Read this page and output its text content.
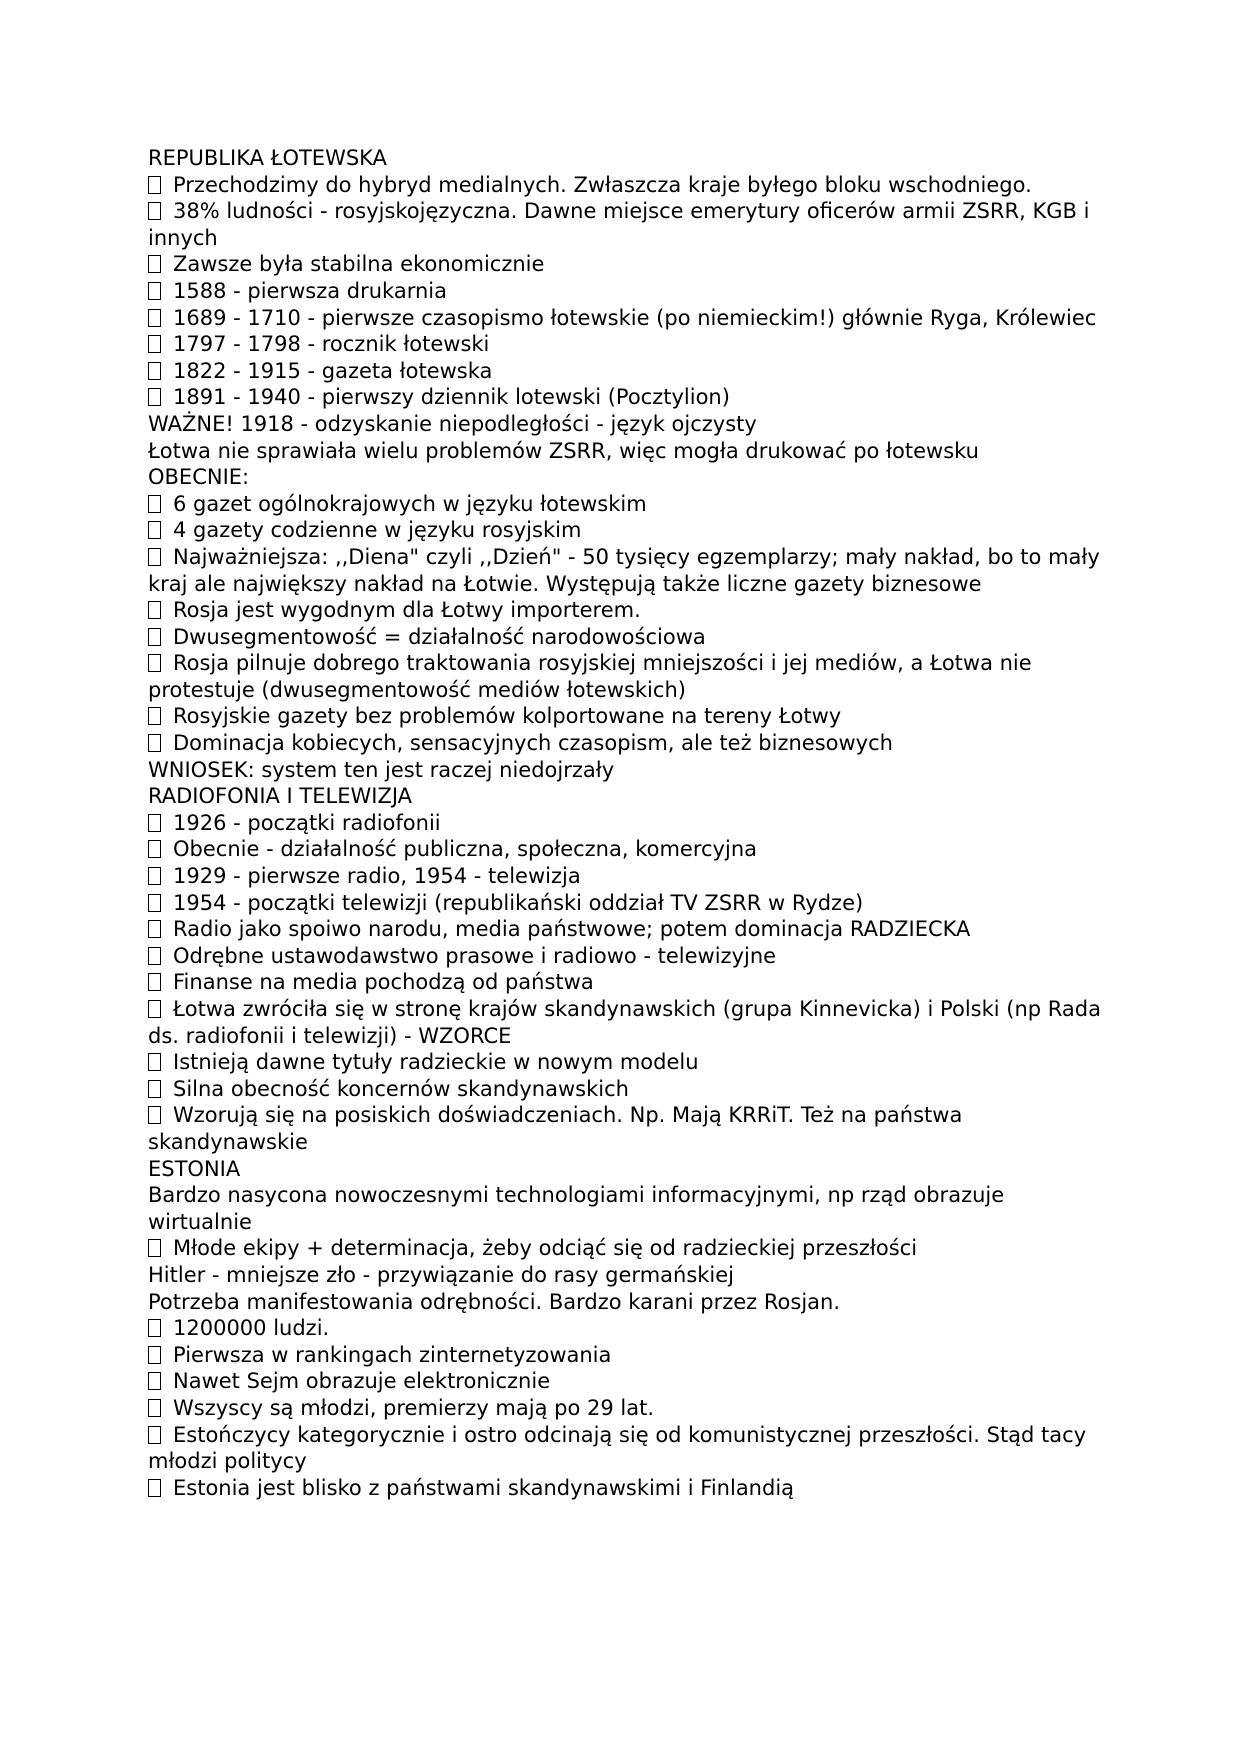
REPUBLIKA ŁOTEWSKA

Przechodzimy do hybryd medialnych. Zwłaszcza kraje byłego bloku wschodniego.

38% ludności - rosyjskojęzyczna. Dawne miejsce emerytury oficerów armii ZSRR, KGB i innych

Zawsze była stabilna ekonomicznie

1588 - pierwsza drukarnia

1689 - 1710 - pierwsze czasopismo łotewskie (po niemieckim!) głównie Ryga, Królewiec

1797 - 1798 - rocznik łotewski

1822 - 1915 - gazeta łotewska

1891 - 1940 - pierwszy dziennik lotewski (Pocztylion)

WAŻNE! 1918 - odzyskanie niepodległości - język ojczysty

Łotwa nie sprawiała wielu problemów ZSRR, więc mogła drukować po łotewsku

OBECNIE:

6 gazet ogólnokrajowych w języku łotewskim

4 gazety codzienne w języku rosyjskim

Najważniejsza: ,,Diena" czyli ,,Dzień" - 50 tysięcy egzemplarzy; mały nakład, bo to mały kraj ale największy nakład na Łotwie. Występują także liczne gazety biznesowe

Rosja jest wygodnym dla Łotwy importerem.

Dwusegmentowość = działalność narodowościowa

Rosja pilnuje dobrego traktowania rosyjskiej mniejszości i jej mediów, a Łotwa nie protestuje (dwusegmentowość mediów łotewskich)

Rosyjskie gazety bez problemów kolportowane na tereny Łotwy

Dominacja kobiecych, sensacyjnych czasopism, ale też biznesowych

WNIOSEK: system ten jest raczej niedojrzały

RADIOFONIA I TELEWIZJA

1926 - początki radiofonii

Obecnie - działalność publiczna, społeczna, komercyjna

1929 - pierwsze radio, 1954 - telewizja

1954 - początki telewizji (republikański oddział TV ZSRR w Rydze)

Radio jako spoiwo narodu, media państwowe; potem dominacja RADZIECKA

Odrębne ustawodawstwo prasowe i radiowo - telewizyjne

Finanse na media pochodzą od państwa

Łotwa zwróciła się w stronę krajów skandynawskich (grupa Kinnevicka) i Polski (np Rada ds. radiofonii i telewizji) - WZORCE

Istnieją dawne tytuły radzieckie w nowym modelu

Silna obecność koncernów skandynawskich

Wzorują się na posiskich doświadczeniach. Np. Mają KRRiT. Też na państwa skandynawskie

ESTONIA

Bardzo nasycona nowoczesnymi technologiami informacyjnymi, np rząd obrazuje wirtualnie

Młode ekipy + determinacja, żeby odciąć się od radzieckiej przeszłości

Hitler - mniejsze zło - przywiązanie do rasy germańskiej

Potrzeba manifestowania odrębności. Bardzo karani przez Rosjan.

1200000 ludzi.

Pierwsza w rankingach zinternetyzowania

Nawet Sejm obrazuje elektronicznie

Wszyscy są młodzi, premierzy mają po 29 lat.

Estończycy kategorycznie i ostro odcinają się od komunistycznej przeszłości. Stąd tacy młodzi politycy

Estonia jest blisko z państwami skandynawskimi i Finlandią
